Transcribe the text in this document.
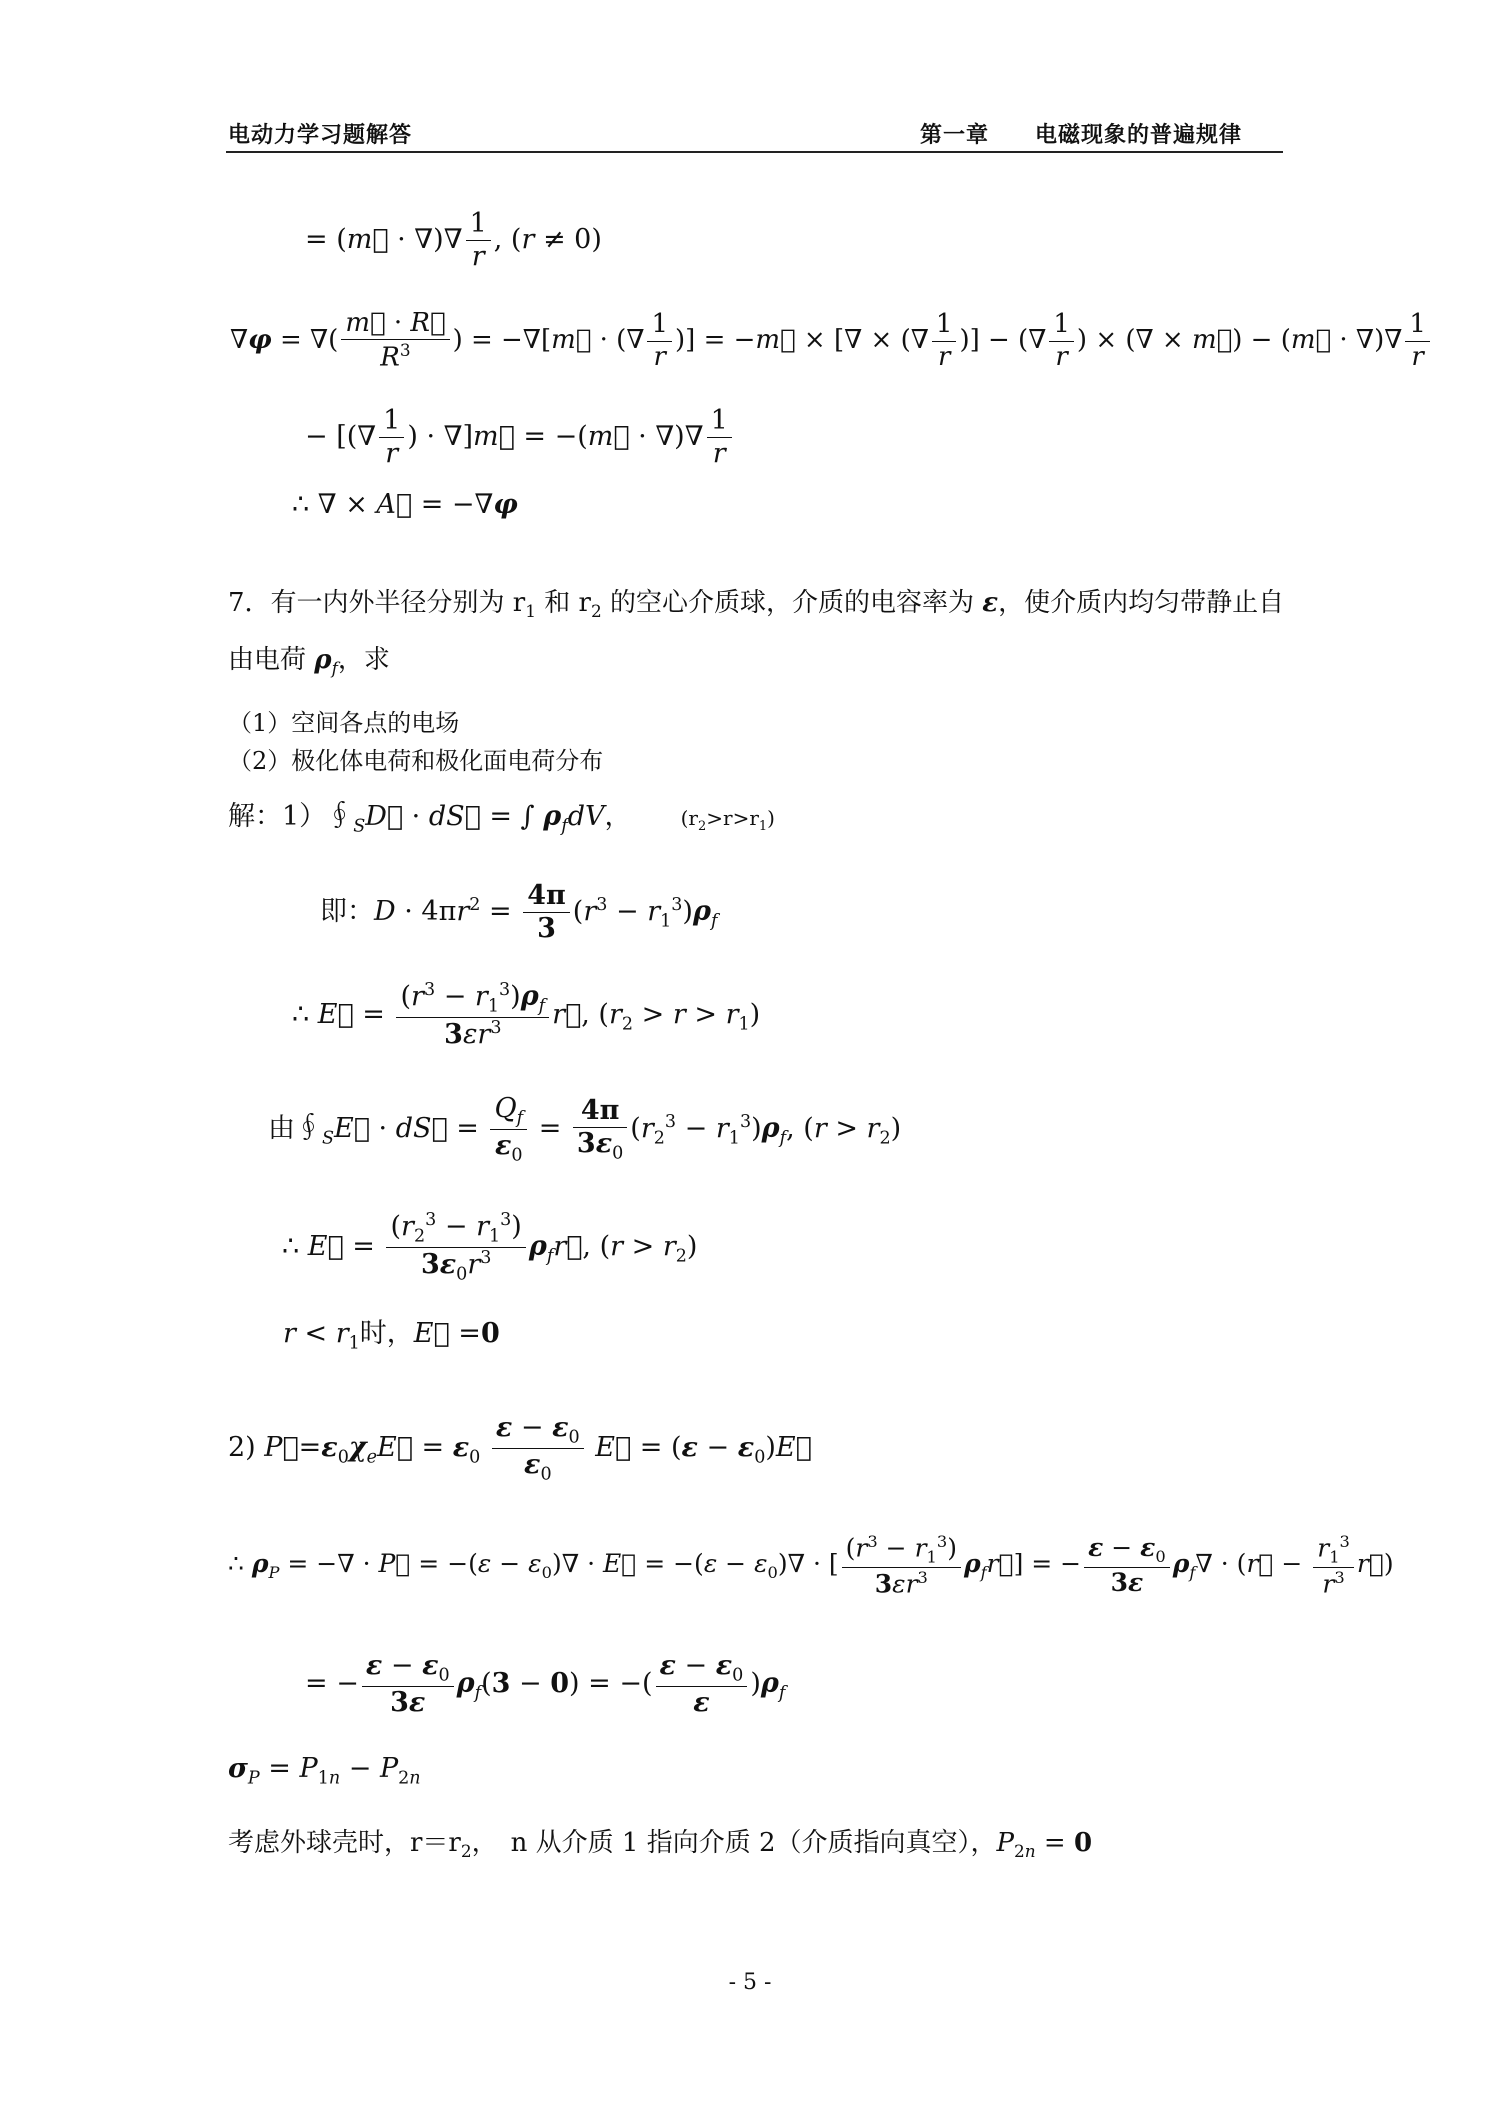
电动力学习题解答	第一章 电磁现象的普遍规律
= (m⃗ · ∇)∇ $\frac{1}{r}$ , (r ≠ 0)
∇φ = ∇( $\frac{m⃗ \cdot R⃗}{R^3}$ ) = −∇[m⃗ · (∇ $\frac{1}{r}$ )] = −m⃗ × [∇ × (∇ $\frac{1}{r}$ )] − (∇ $\frac{1}{r}$ ) × (∇ × m⃗) − (m⃗ · ∇)∇ $\frac{1}{r}$
− [(∇ $\frac{1}{r}$ ) · ∇]m⃗ = −(m⃗ · ∇)∇ $\frac{1}{r}$
∴ ∇ × A⃗ = −∇φ
7．有一内外半径分别为 $r_1$ 和 $r_2$ 的空心介质球，介质的电容率为 ε，使介质内均匀带静止自
由电荷 $\rho_f$，求
（1）空间各点的电场
（2）极化体电荷和极化面电荷分布
解：$1)∮_SD⃗$ · dS⃗ = ∫ $\rho_fdV$，　　 $(r_2>r>r_1)$
即：$D \cdot 4\pi r^2 = \frac{4\pi}{3} (r^3 - r_1^3)\rho_f$
∴ E⃗ = $\frac{(r^3 - r_1^3)\rho_f}{3\varepsilon r^3}$ r⃗, $(r_2 > r > r_1)$
由$∮_SE⃗$ · dS⃗ = $\frac{Q_f}{\varepsilon_0} = \frac{4\pi}{3\varepsilon_0} (r_2^3 - r_1^3)\rho_f$, $(r > r_2)$
∴ E⃗ = $\frac{(r_2^3 - r_1^3)}{3\varepsilon_0r^3}$ $\rho_fr⃗$, $(r > r_2)$
$r < r_1$时，E⃗ =0
2) $P⃗=\varepsilon_0\chi_eE⃗ = \varepsilon_0 \frac{\varepsilon - \varepsilon_0}{\varepsilon_0}$ E⃗ = $(\varepsilon - \varepsilon_0)E⃗$
∴ $\rho_P$ = −∇ · P⃗ = $-(\varepsilon - \varepsilon_0)\nabla$ · E⃗ = $-(\varepsilon - \varepsilon_0)\nabla$ · [ $\frac{(r^3 - r_1^3)}{3\varepsilon r^3}$ $\rho_fr⃗$] = − $\frac{\varepsilon - \varepsilon_0}{3\varepsilon} \rho_f\nabla$ · (r⃗ − $\frac{r_1^3}{r^3}$ r⃗)
= − $\frac{\varepsilon - \varepsilon_0}{3\varepsilon} \rho_f(3 - 0)$ = −( $\frac{\varepsilon - \varepsilon_0}{\varepsilon} )\rho_f$
$\sigma_P = P_{1n} - P_{2n}$
考虑外球壳时，$r=r_2$，　n 从介质 1 指向介质 2（介质指向真空），$P_{2n} = 0$
- 5 -
